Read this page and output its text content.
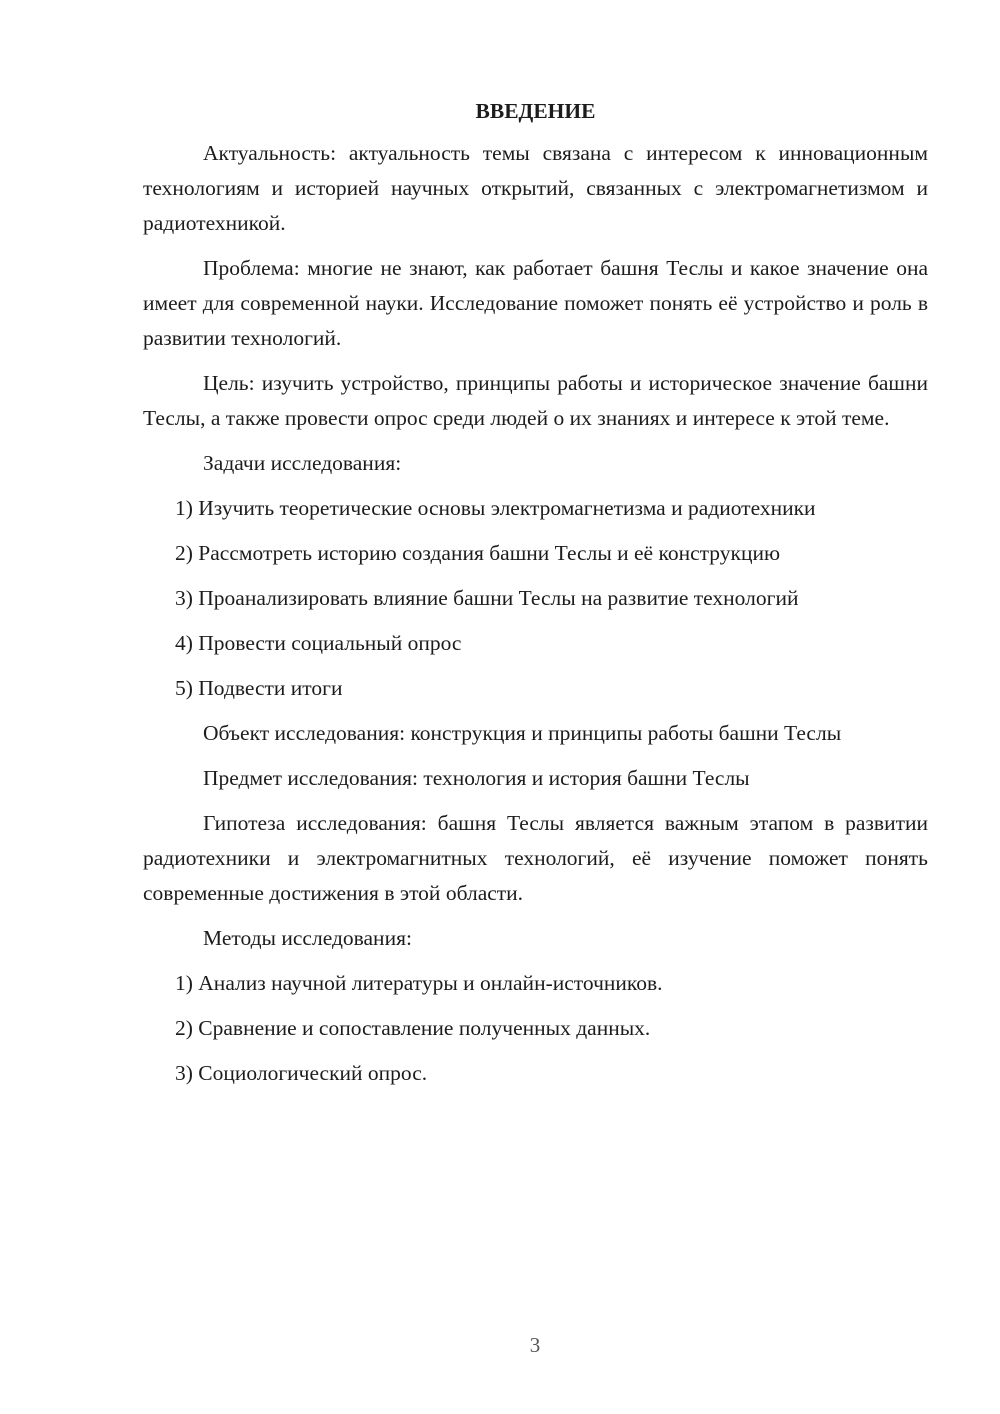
ВВЕДЕНИЕ

Актуальность: актуальность темы связана с интересом к инновационным технологиям и историей научных открытий, связанных с электромагнетизмом и радиотехникой.

Проблема: многие не знают, как работает башня Теслы и какое значение она имеет для современной науки. Исследование поможет понять её устройство и роль в развитии технологий.

Цель: изучить устройство, принципы работы и историческое значение башни Теслы, а также провести опрос среди людей о их знаниях и интересе к этой теме.

Задачи исследования:

1) Изучить теоретические основы электромагнетизма и радиотехники
2) Рассмотреть историю создания башни Теслы и её конструкцию
3) Проанализировать влияние башни Теслы на развитие технологий
4) Провести социальный опрос
5) Подвести итоги

Объект исследования: конструкция и принципы работы башни Теслы

Предмет исследования: технология и история башни Теслы

Гипотеза исследования: башня Теслы является важным этапом в развитии радиотехники и электромагнитных технологий, её изучение поможет понять современные достижения в этой области.

Методы исследования:

1) Анализ научной литературы и онлайн-источников.
2) Сравнение и сопоставление полученных данных.
3) Социологический опрос.
3
